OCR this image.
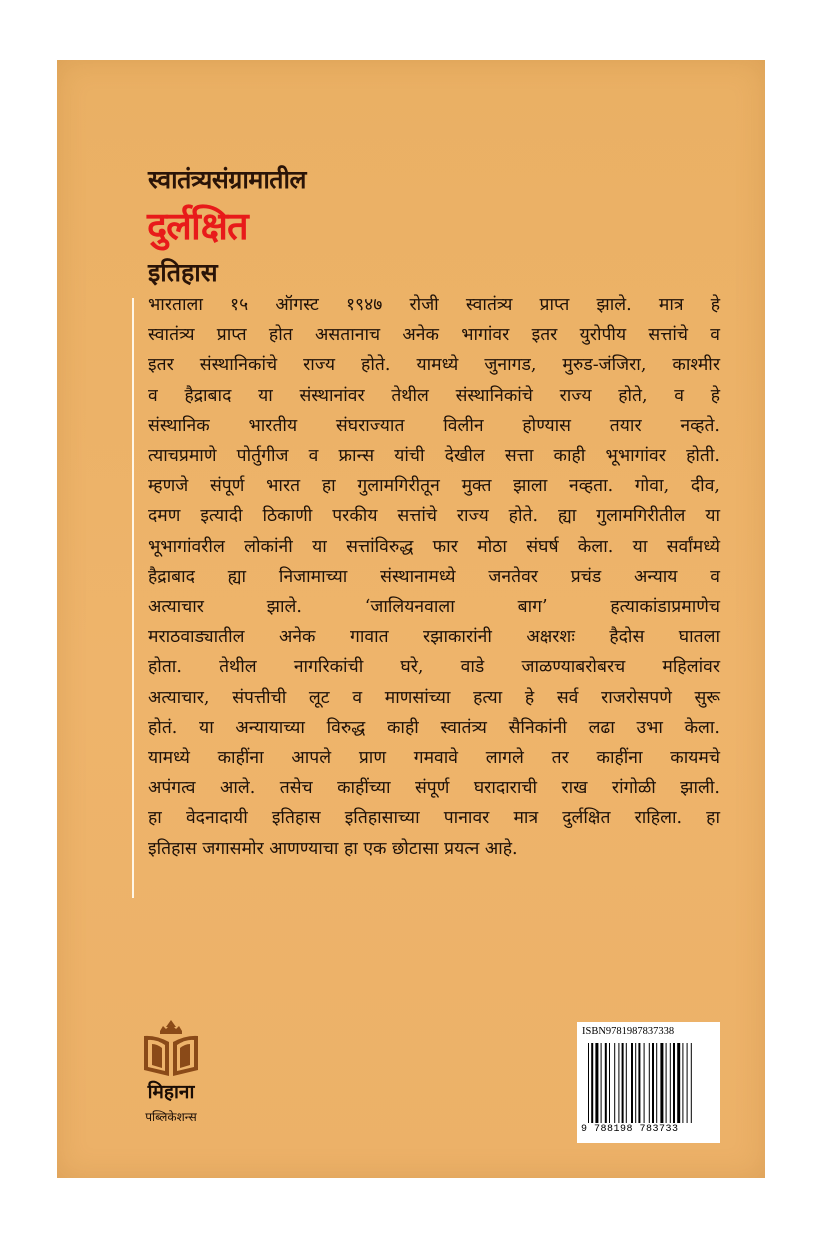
स्वातंत्र्यसंग्रामातील
दुर्लक्षित
इतिहास
भारताला १५ ऑगस्ट १९४७ रोजी स्वातंत्र्य प्राप्त झाले. मात्र हे
स्वातंत्र्य प्राप्त होत असतानाच अनेक भागांवर इतर युरोपीय सत्तांचे व
इतर संस्थानिकांचे राज्य होते. यामध्ये जुनागड, मुरुड-जंजिरा, काश्मीर
व हैद्राबाद या संस्थानांवर तेथील संस्थानिकांचे राज्य होते, व हे
संस्थानिक भारतीय संघराज्यात विलीन होण्यास तयार नव्हते.
त्याचप्रमाणे पोर्तुगीज व फ्रान्स यांची देखील सत्ता काही भूभागांवर होती.
म्हणजे संपूर्ण भारत हा गुलामगिरीतून मुक्त झाला नव्हता. गोवा, दीव,
दमण इत्यादी ठिकाणी परकीय सत्तांचे राज्य होते. ह्या गुलामगिरीतील या
भूभागांवरील लोकांनी या सत्तांविरुद्ध फार मोठा संघर्ष केला. या सर्वांमध्ये
हैद्राबाद ह्या निजामाच्या संस्थानामध्ये जनतेवर प्रचंड अन्याय व
अत्याचार झाले. ‘जालियनवाला बाग’ हत्याकांडाप्रमाणेच
मराठवाड्यातील अनेक गावात रझाकारांनी अक्षरशः हैदोस घातला
होता. तेथील नागरिकांची घरे, वाडे जाळण्याबरोबरच महिलांवर
अत्याचार, संपत्तीची लूट व माणसांच्या हत्या हे सर्व राजरोसपणे सुरू
होतं. या अन्यायाच्या विरुद्ध काही स्वातंत्र्य सैनिकांनी लढा उभा केला.
यामध्ये काहींना आपले प्राण गमवावे लागले तर काहींना कायमचे
अपंगत्व आले. तसेच काहींच्या संपूर्ण घरादाराची राख रांगोळी झाली.
हा वेदनादायी इतिहास इतिहासाच्या पानावर मात्र दुर्लक्षित राहिला. हा
इतिहास जगासमोर आणण्याचा हा एक छोटासा प्रयत्न आहे.
मिहाना
पब्लिकेशन्स
ISBN9781987837338
9 788198 783733
